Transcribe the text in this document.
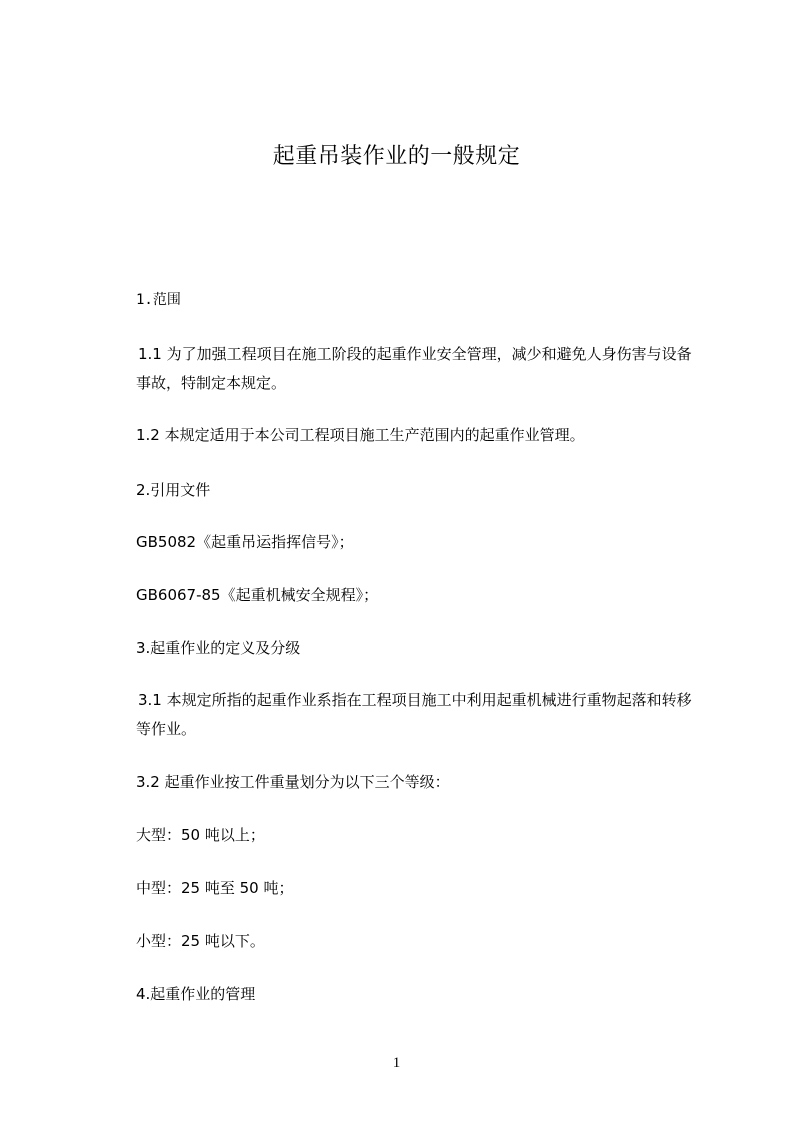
起重吊装作业的一般规定
1.范围
1.1 为了加强工程项目在施工阶段的起重作业安全管理，减少和避免人身伤害与设备事故，特制定本规定。
1.2 本规定适用于本公司工程项目施工生产范围内的起重作业管理。
2.引用文件
GB5082《起重吊运指挥信号》；
GB6067-85《起重机械安全规程》；
3.起重作业的定义及分级
3.1 本规定所指的起重作业系指在工程项目施工中利用起重机械进行重物起落和转移等作业。
3.2 起重作业按工件重量划分为以下三个等级：
大型：50 吨以上；
中型：25 吨至 50 吨；
小型：25 吨以下。
4.起重作业的管理
1
